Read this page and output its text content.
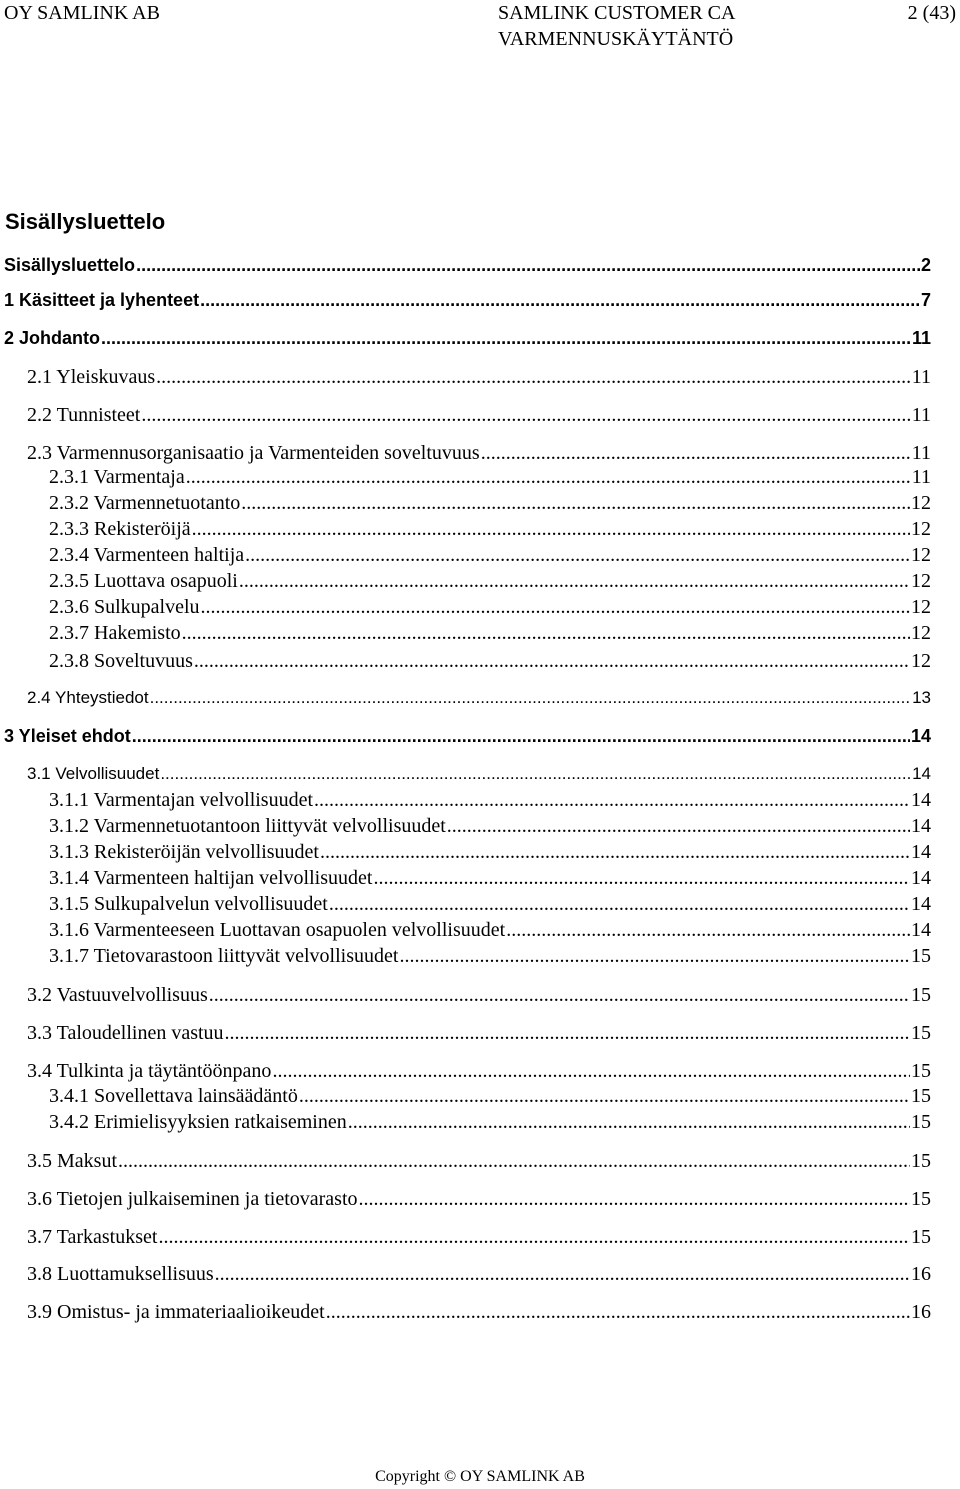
OY SAMLINK AB	SAMLINK CUSTOMER CA
VARMENNUSKÄYTÄNTÖ
2 (43)
Sisällysluettelo
Sisällysluettelo .....	2
1 Käsitteet ja lyhenteet .....	7
2 Johdanto .....	11
2.1 Yleiskuvaus .....	11
2.2 Tunnisteet .....	11
2.3 Varmennusorganisaatio ja Varmenteiden soveltuvuus .....	11
2.3.1 Varmentaja .....	11
2.3.2 Varmennetuotanto .....	12
2.3.3 Rekisteröijä .....	12
2.3.4 Varmenteen haltija .....	12
2.3.5 Luottava osapuoli .....	12
2.3.6 Sulkupalvelu .....	12
2.3.7 Hakemisto .....	12
2.3.8 Soveltuvuus .....	12
2.4 Yhteystiedot .....	13
3 Yleiset ehdot .....	14
3.1 Velvollisuudet .....	14
3.1.1 Varmentajan velvollisuudet .....	14
3.1.2 Varmennetuotantoon liittyvät velvollisuudet .....	14
3.1.3 Rekisteröijän velvollisuudet .....	14
3.1.4 Varmenteen haltijan velvollisuudet .....	14
3.1.5 Sulkupalvelun velvollisuudet .....	14
3.1.6 Varmenteeseen Luottavan osapuolen velvollisuudet .....	14
3.1.7 Tietovarastoon liittyvät velvollisuudet .....	15
3.2 Vastuuvelvollisuus .....	15
3.3 Taloudellinen vastuu .....	15
3.4 Tulkinta ja täytäntöönpano .....	15
3.4.1 Sovellettava lainsäädäntö .....	15
3.4.2 Erimielisyyksien ratkaiseminen .....	15
3.5 Maksut .....	15
3.6 Tietojen julkaiseminen ja tietovarasto .....	15
3.7 Tarkastukset .....	15
3.8 Luottamuksellisuus .....	16
3.9 Omistus- ja immateriaalioikeudet .....	16
Copyright © OY SAMLINK AB
